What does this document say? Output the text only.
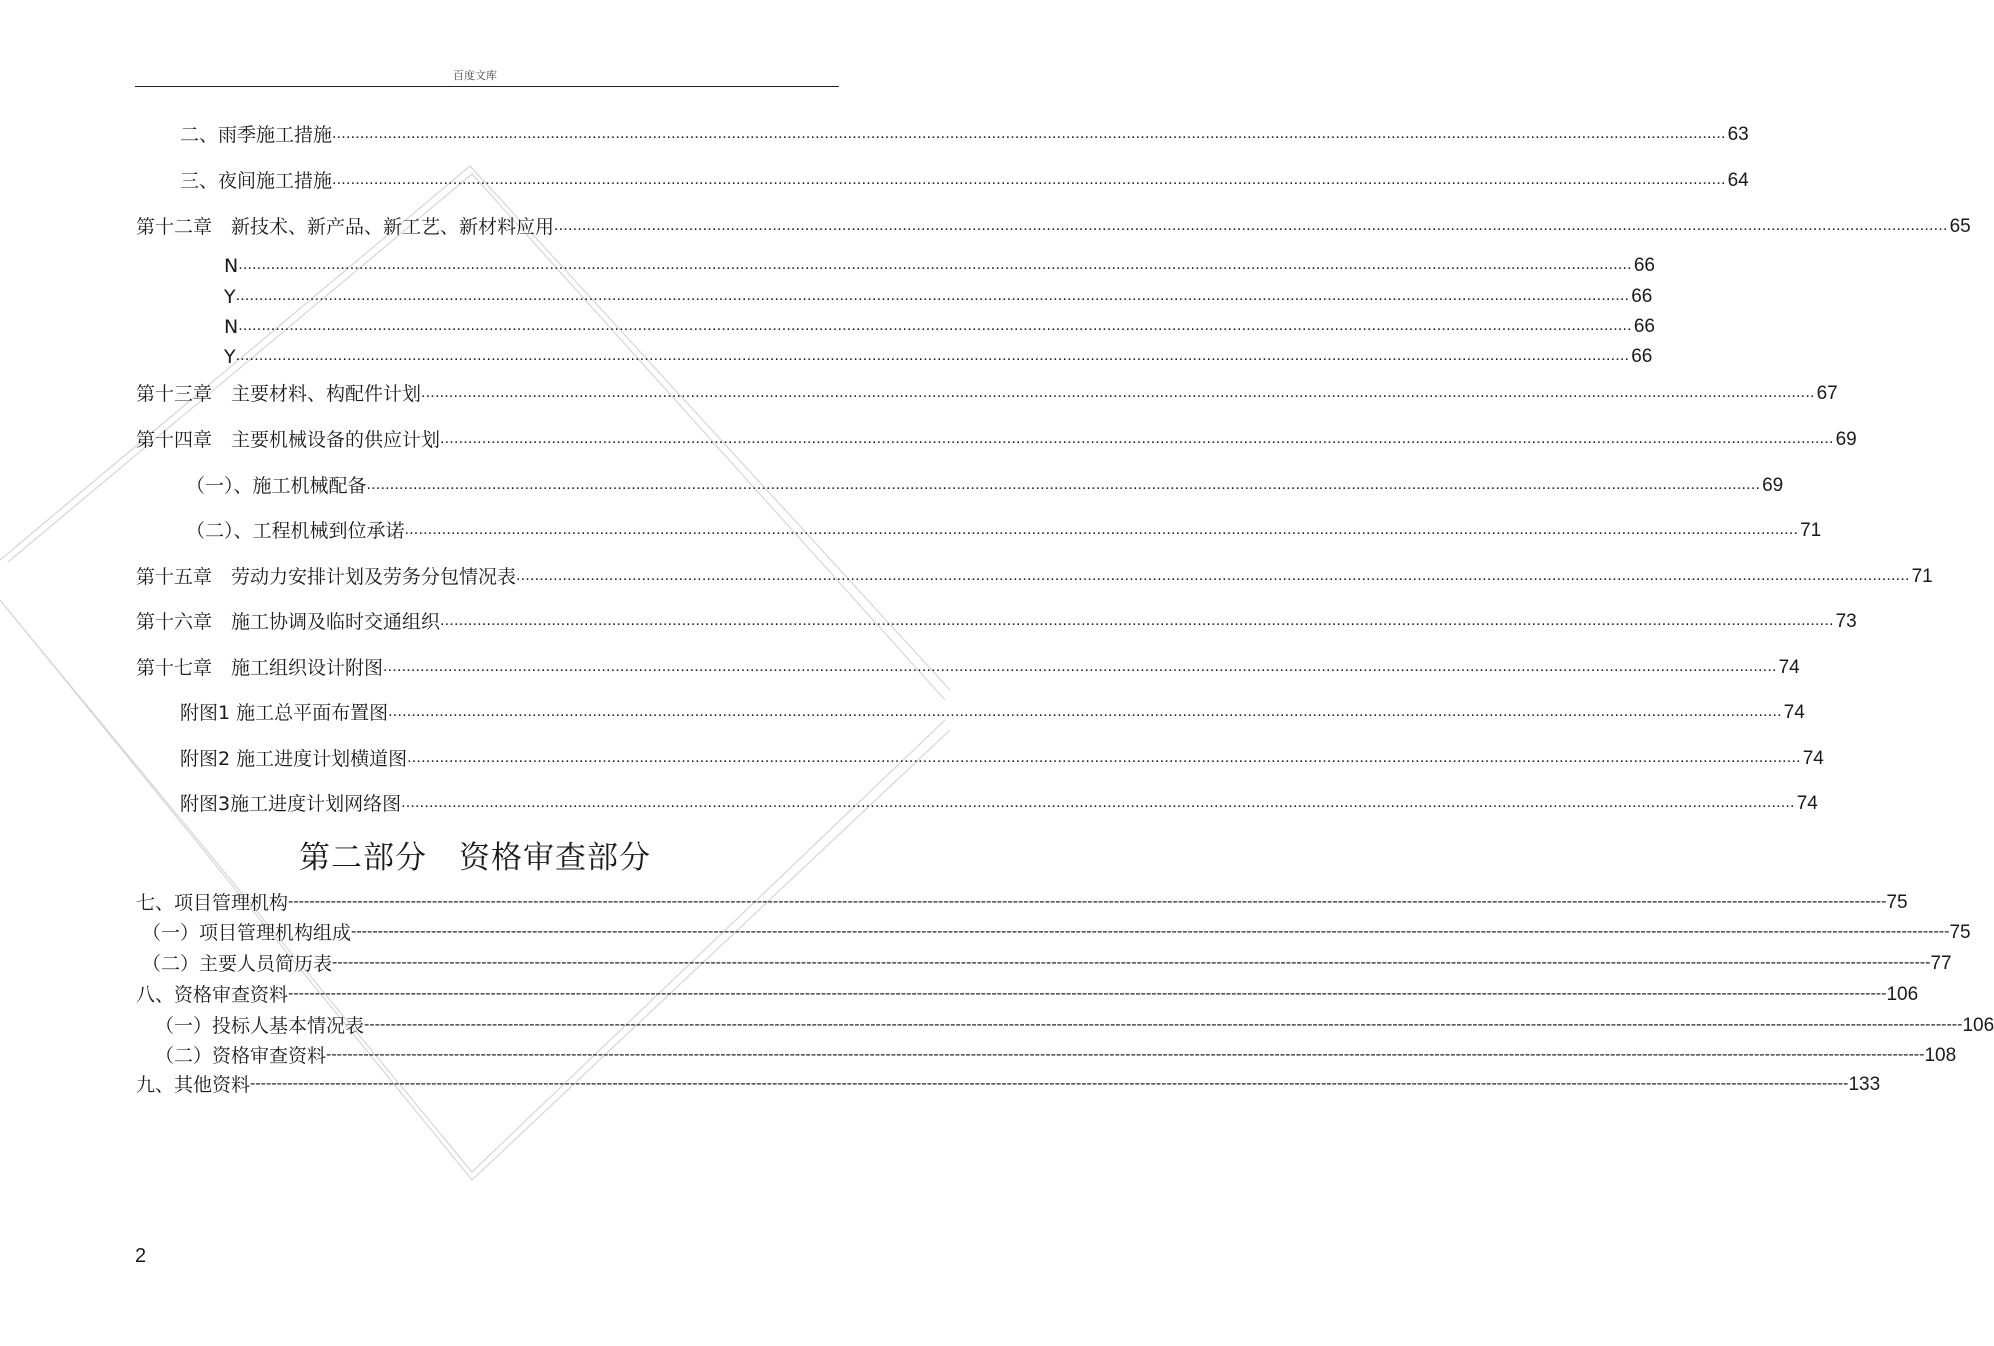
百度文库
二、雨季施工措施 ............................................................................................................................................................................................................................................................................................................ 63
三、夜间施工措施 ............................................................................................................................................................................................................................................................................................................ 64
第十二章　新技术、新产品、新工艺、新材料应用 ............................................................................................................................................................................................................................................................................................................ 65
N ............................................................................................................................................................................................................................................................................................................ 66
Y ............................................................................................................................................................................................................................................................................................................ 66
N ............................................................................................................................................................................................................................................................................................................ 66
Y ............................................................................................................................................................................................................................................................................................................ 66
第十三章　主要材料、构配件计划 ............................................................................................................................................................................................................................................................................................................ 67
第十四章　主要机械设备的供应计划 ............................................................................................................................................................................................................................................................................................................ 69
（一）、施工机械配备 ............................................................................................................................................................................................................................................................................................................ 69
（二）、工程机械到位承诺 ............................................................................................................................................................................................................................................................................................................ 71
第十五章　劳动力安排计划及劳务分包情况表 ............................................................................................................................................................................................................................................................................................................ 71
第十六章　施工协调及临时交通组织 ............................................................................................................................................................................................................................................................................................................ 73
第十七章　施工组织设计附图 ............................................................................................................................................................................................................................................................................................................ 74
附图1 施工总平面布置图 ............................................................................................................................................................................................................................................................................................................ 74
附图2 施工进度计划横道图 ............................................................................................................................................................................................................................................................................................................ 74
附图3施工进度计划网络图 ............................................................................................................................................................................................................................................................................................................ 74
第二部分　资格审查部分
七、项目管理机构 ------------------------------------------------------------------------------------------------------------------------------------------------------------------------------------------------------------------------------------------------------------------------------------------------------------ 75
（一）项目管理机构组成 ------------------------------------------------------------------------------------------------------------------------------------------------------------------------------------------------------------------------------------------------------------------------------------------------------------ 75
（二）主要人员简历表 ------------------------------------------------------------------------------------------------------------------------------------------------------------------------------------------------------------------------------------------------------------------------------------------------------------ 77
八、资格审查资料 ------------------------------------------------------------------------------------------------------------------------------------------------------------------------------------------------------------------------------------------------------------------------------------------------------------ 106
（一）投标人基本情况表 ------------------------------------------------------------------------------------------------------------------------------------------------------------------------------------------------------------------------------------------------------------------------------------------------------------ 106
（二）资格审查资料 ------------------------------------------------------------------------------------------------------------------------------------------------------------------------------------------------------------------------------------------------------------------------------------------------------------ 108
九、其他资料 ------------------------------------------------------------------------------------------------------------------------------------------------------------------------------------------------------------------------------------------------------------------------------------------------------------ 133
2
